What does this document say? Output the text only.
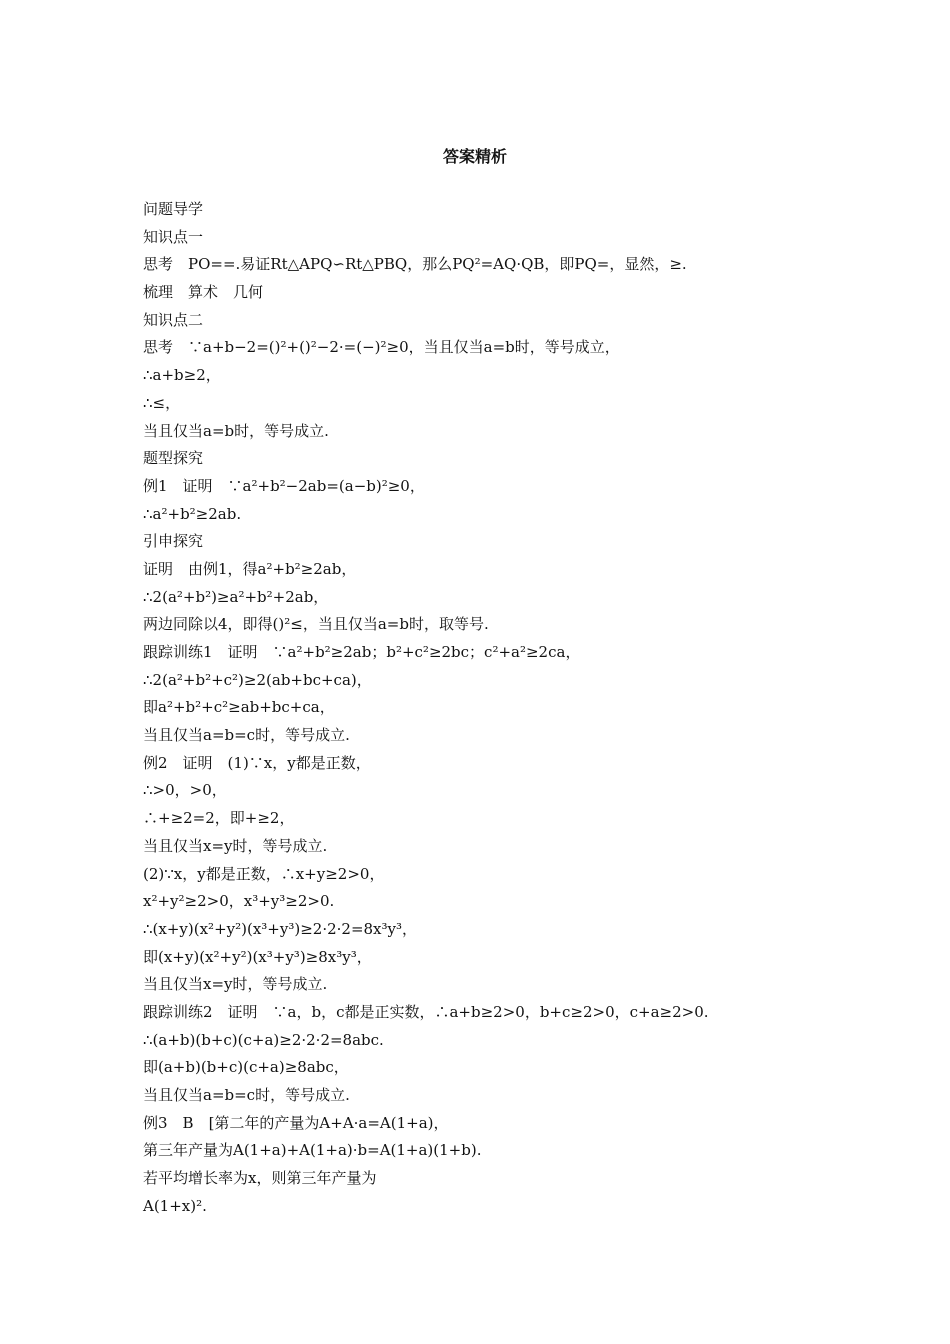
答案精析
问题导学
知识点一
思考　PO==.易证Rt△APQ∽Rt△PBQ，那么PQ²=AQ·QB，即PQ=，显然，≥.
梳理　算术　几何
知识点二
思考　∵a+b−2=()²+()²−2·=(−)²≥0，当且仅当a=b时，等号成立，
∴a+b≥2，
∴≤，
当且仅当a=b时，等号成立.
题型探究
例1　证明　∵a²+b²−2ab=(a−b)²≥0，
∴a²+b²≥2ab.
引申探究
证明　由例1，得a²+b²≥2ab，
∴2(a²+b²)≥a²+b²+2ab，
两边同除以4，即得()²≤，当且仅当a=b时，取等号.
跟踪训练1　证明　∵a²+b²≥2ab；b²+c²≥2bc；c²+a²≥2ca，
∴2(a²+b²+c²)≥2(ab+bc+ca)，
即a²+b²+c²≥ab+bc+ca，
当且仅当a=b=c时，等号成立.
例2　证明　(1)∵x，y都是正数，
∴>0，>0，
∴+≥2=2，即+≥2，
当且仅当x=y时，等号成立.
(2)∵x，y都是正数，∴x+y≥2>0，
x²+y²≥2>0，x³+y³≥2>0.
∴(x+y)(x²+y²)(x³+y³)≥2·2·2=8x³y³，
即(x+y)(x²+y²)(x³+y³)≥8x³y³，
当且仅当x=y时，等号成立.
跟踪训练2　证明　∵a，b，c都是正实数，∴a+b≥2>0，b+c≥2>0，c+a≥2>0.
∴(a+b)(b+c)(c+a)≥2·2·2=8abc.
即(a+b)(b+c)(c+a)≥8abc，
当且仅当a=b=c时，等号成立.
例3　B　[第二年的产量为A+A·a=A(1+a)，
第三年产量为A(1+a)+A(1+a)·b=A(1+a)(1+b).
若平均增长率为x，则第三年产量为
A(1+x)².
